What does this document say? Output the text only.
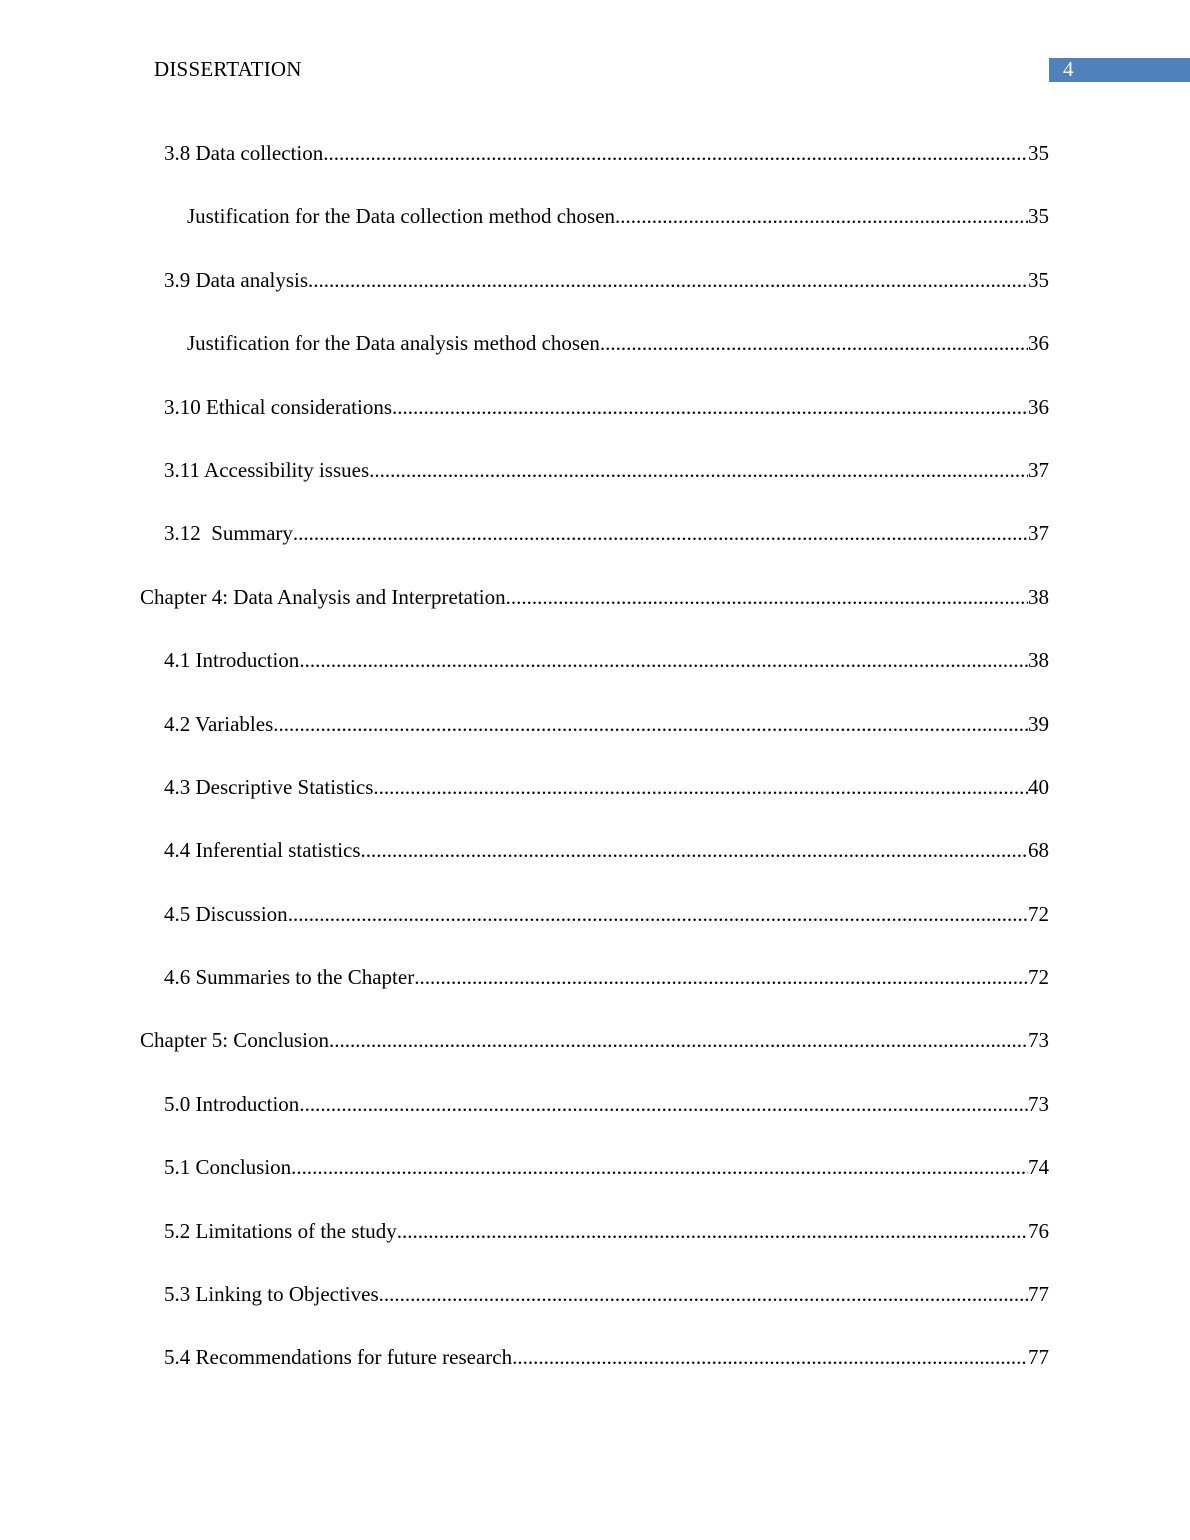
DISSERTATION	4
3.8 Data collection .....	35
Justification for the Data collection method chosen .....	35
3.9 Data analysis .....	35
Justification for the Data analysis method chosen .....	36
3.10 Ethical considerations .....	36
3.11 Accessibility issues .....	37
3.12  Summary .....	37
Chapter 4: Data Analysis and Interpretation .....	38
4.1 Introduction .....	38
4.2 Variables .....	39
4.3 Descriptive Statistics .....	40
4.4 Inferential statistics .....	68
4.5 Discussion .....	72
4.6 Summaries to the Chapter .....	72
Chapter 5: Conclusion .....	73
5.0 Introduction .....	73
5.1 Conclusion .....	74
5.2 Limitations of the study .....	76
5.3 Linking to Objectives .....	77
5.4 Recommendations for future research .....	77
